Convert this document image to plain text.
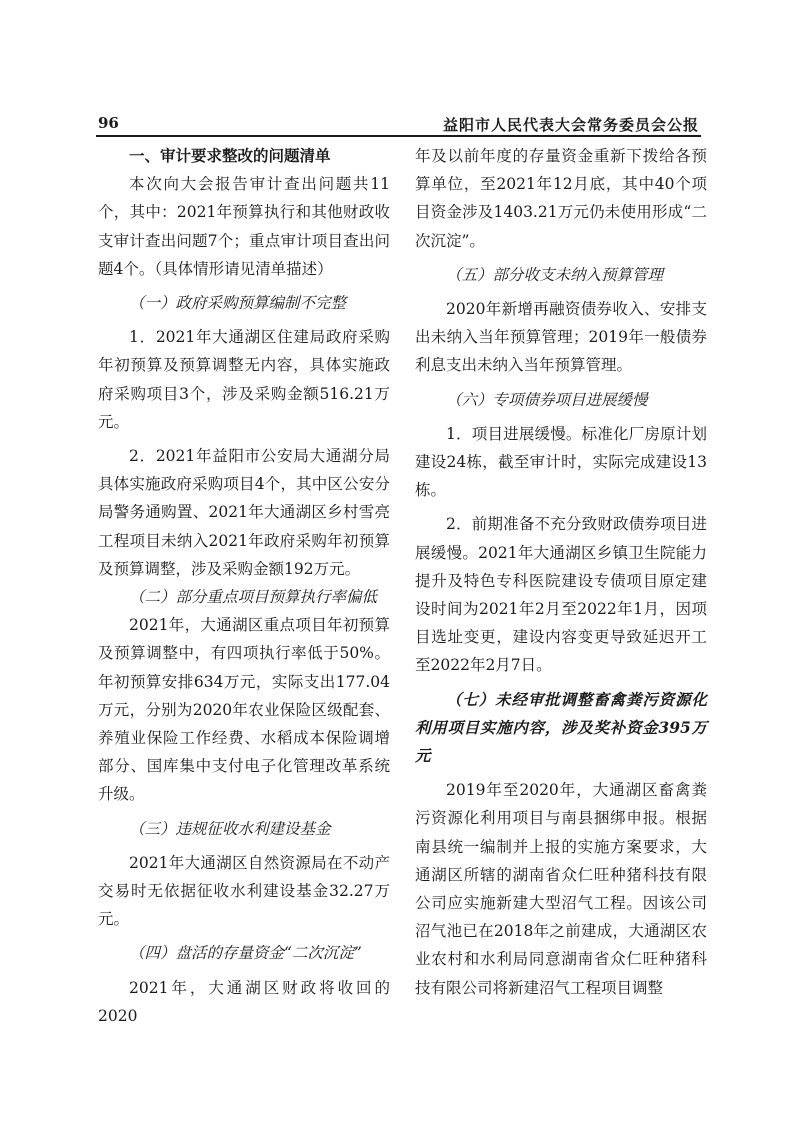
96	益阳市人民代表大会常务委员会公报

一、审计要求整改的问题清单

本次向大会报告审计查出问题共11个，其中：2021年预算执行和其他财政收支审计查出问题7个；重点审计项目查出问题4个。（具体情形请见清单描述）

（一）政府采购预算编制不完整

1．2021年大通湖区住建局政府采购年初预算及预算调整无内容，具体实施政府采购项目3个，涉及采购金额516.21万元。

2．2021年益阳市公安局大通湖分局具体实施政府采购项目4个，其中区公安分局警务通购置、2021年大通湖区乡村雪亮工程项目未纳入2021年政府采购年初预算及预算调整，涉及采购金额192万元。

（二）部分重点项目预算执行率偏低

2021年，大通湖区重点项目年初预算及预算调整中，有四项执行率低于50%。年初预算安排634万元，实际支出177.04万元，分别为2020年农业保险区级配套、养殖业保险工作经费、水稻成本保险调增部分、国库集中支付电子化管理改革系统升级。

（三）违规征收水利建设基金

2021年大通湖区自然资源局在不动产交易时无依据征收水利建设基金32.27万元。

（四）盘活的存量资金“二次沉淀”

2021年，大通湖区财政将收回的2020

年及以前年度的存量资金重新下拨给各预算单位，至2021年12月底，其中40个项目资金涉及1403.21万元仍未使用形成“二次沉淀”。

（五）部分收支未纳入预算管理

2020年新增再融资债券收入、安排支出未纳入当年预算管理；2019年一般债券利息支出未纳入当年预算管理。

（六）专项债券项目进展缓慢

1．项目进展缓慢。标准化厂房原计划建设24栋，截至审计时，实际完成建设13栋。

2．前期准备不充分致财政债券项目进展缓慢。2021年大通湖区乡镇卫生院能力提升及特色专科医院建设专债项目原定建设时间为2021年2月至2022年1月，因项目选址变更，建设内容变更导致延迟开工至2022年2月7日。

（七）未经审批调整畜禽粪污资源化利用项目实施内容，涉及奖补资金395万元

2019年至2020年，大通湖区畜禽粪污资源化利用项目与南县捆绑申报。根据南县统一编制并上报的实施方案要求，大通湖区所辖的湖南省众仁旺种猪科技有限公司应实施新建大型沼气工程。因该公司沼气池已在2018年之前建成，大通湖区农业农村和水利局同意湖南省众仁旺种猪科技有限公司将新建沼气工程项目调整
